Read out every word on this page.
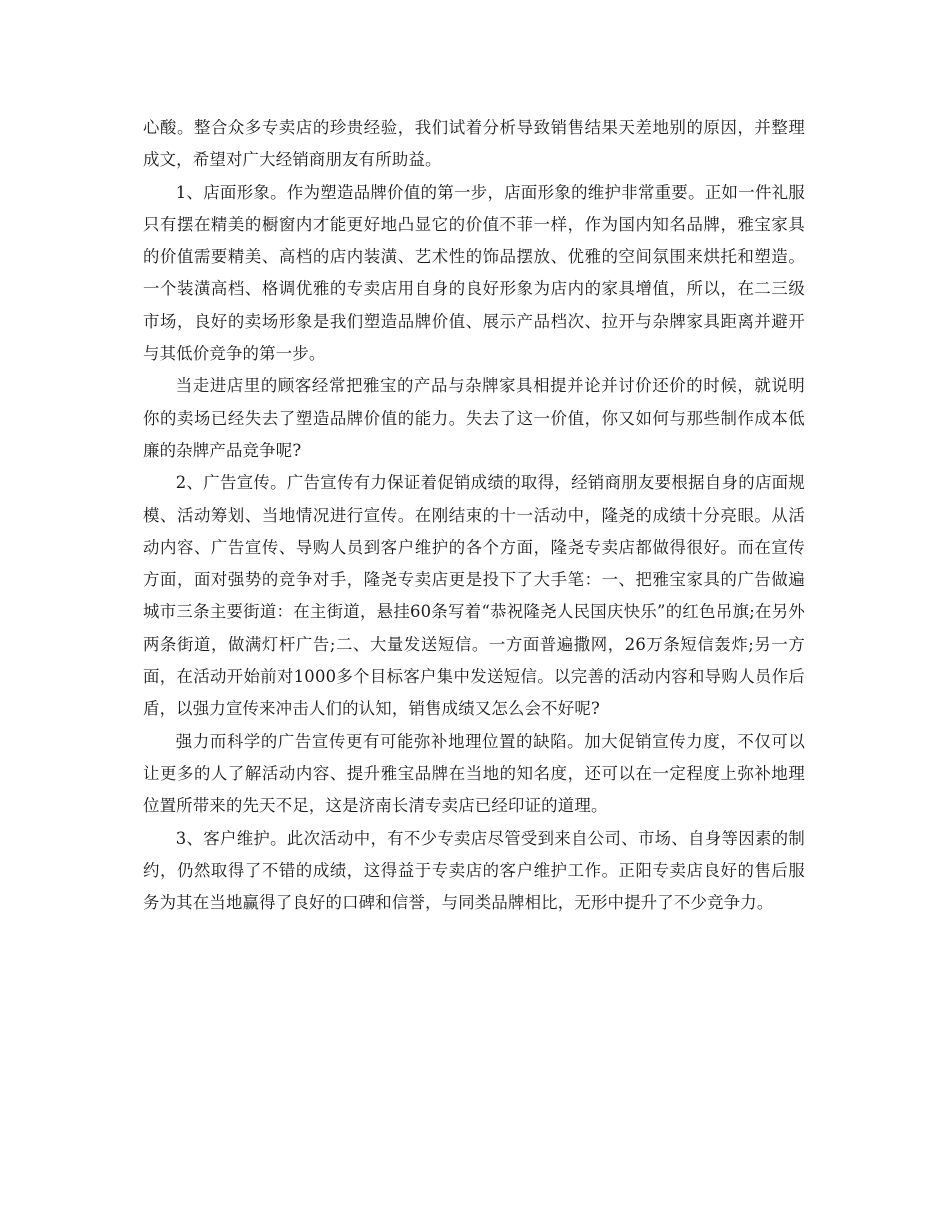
心酸。整合众多专卖店的珍贵经验，我们试着分析导致销售结果天差地别的原因，并整理成文，希望对广大经销商朋友有所助益。

1、店面形象。作为塑造品牌价值的第一步，店面形象的维护非常重要。正如一件礼服只有摆在精美的橱窗内才能更好地凸显它的价值不菲一样，作为国内知名品牌，雅宝家具的价值需要精美、高档的店内装潢、艺术性的饰品摆放、优雅的空间氛围来烘托和塑造。一个装潢高档、格调优雅的专卖店用自身的良好形象为店内的家具增值，所以，在二三级市场，良好的卖场形象是我们塑造品牌价值、展示产品档次、拉开与杂牌家具距离并避开与其低价竞争的第一步。

当走进店里的顾客经常把雅宝的产品与杂牌家具相提并论并讨价还价的时候，就说明你的卖场已经失去了塑造品牌价值的能力。失去了这一价值，你又如何与那些制作成本低廉的杂牌产品竞争呢?

2、广告宣传。广告宣传有力保证着促销成绩的取得，经销商朋友要根据自身的店面规模、活动筹划、当地情况进行宣传。在刚结束的十一活动中，隆尧的成绩十分亮眼。从活动内容、广告宣传、导购人员到客户维护的各个方面，隆尧专卖店都做得很好。而在宣传方面，面对强势的竞争对手，隆尧专卖店更是投下了大手笔：一、把雅宝家具的广告做遍城市三条主要街道：在主街道，悬挂60条写着“恭祝隆尧人民国庆快乐”的红色吊旗;在另外两条街道，做满灯杆广告;二、大量发送短信。一方面普遍撒网，26万条短信轰炸;另一方面，在活动开始前对1000多个目标客户集中发送短信。以完善的活动内容和导购人员作后盾，以强力宣传来冲击人们的认知，销售成绩又怎么会不好呢?

强力而科学的广告宣传更有可能弥补地理位置的缺陷。加大促销宣传力度，不仅可以让更多的人了解活动内容、提升雅宝品牌在当地的知名度，还可以在一定程度上弥补地理位置所带来的先天不足，这是济南长清专卖店已经印证的道理。

3、客户维护。此次活动中，有不少专卖店尽管受到来自公司、市场、自身等因素的制约，仍然取得了不错的成绩，这得益于专卖店的客户维护工作。正阳专卖店良好的售后服务为其在当地赢得了良好的口碑和信誉，与同类品牌相比，无形中提升了不少竞争力。
